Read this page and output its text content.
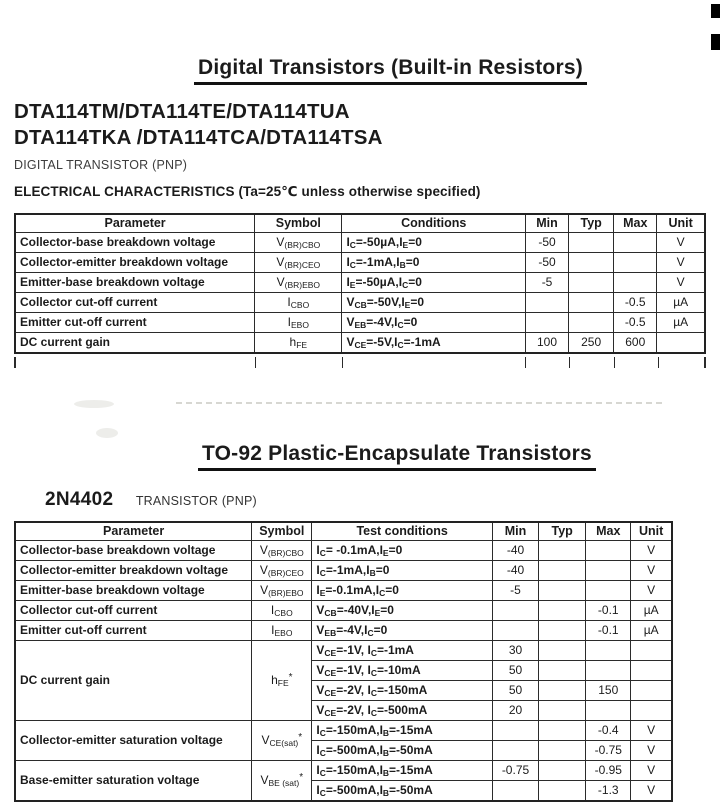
Digital Transistors (Built-in Resistors)
DTA114TM/DTA114TE/DTA114TUA
DTA114TKA /DTA114TCA/DTA114TSA
DIGITAL TRANSISTOR (PNP)
ELECTRICAL CHARACTERISTICS (Ta=25℃ unless otherwise specified)
Parameter	Symbol	Conditions	Min	Typ	Max	Unit
Collector-base breakdown voltage	$V_{(BR)CBO}$	$I_C=-50\mu A,I_E=0$	-50			V
Collector-emitter breakdown voltage	$V_{(BR)CEO}$	$I_C=-1mA,I_B=0$	-50			V
Emitter-base breakdown voltage	$V_{(BR)EBO}$	$I_E=-50\mu A,I_C=0$	-5			V
Collector cut-off current	$I_{CBO}$	$V_{CB}=-50V,I_E=0$			-0.5	µA
Emitter cut-off current	$I_{EBO}$	$V_{EB}=-4V,I_C=0$			-0.5	µA
DC current gain	$h_{FE}$	$V_{CE}=-5V,I_C=-1mA$	100	250	600	
TO-92 Plastic-Encapsulate Transistors
2N4402 TRANSISTOR (PNP)
Parameter	Symbol	Test conditions	Min	Typ	Max	Unit
Collector-base breakdown voltage	$V_{(BR)CBO}$	$I_C= -0.1mA,I_E=0$	-40			V
Collector-emitter breakdown voltage	$V_{(BR)CEO}$	$I_C=-1mA,I_B=0$	-40			V
Emitter-base breakdown voltage	$V_{(BR)EBO}$	$I_E=-0.1mA,I_C=0$	-5			V
Collector cut-off current	$I_{CBO}$	$V_{CB}=-40V,I_E=0$			-0.1	µA
Emitter cut-off current	$I_{EBO}$	$V_{EB}=-4V,I_C=0$			-0.1	µA
DC current gain	$h_{FE}^*$	$V_{CE}=-1V$, $I_C=-1mA$	30			
		$V_{CE}=-1V$, $I_C=-10mA$	50			
		$V_{CE}=-2V$, $I_C=-150mA$	50		150	
		$V_{CE}=-2V$, $I_C=-500mA$	20			
Collector-emitter saturation voltage	$V_{CE(sat)}^*$	$I_C=-150mA,I_B=-15mA$			-0.4	V
		$I_C=-500mA,I_B=-50mA$			-0.75	V
Base-emitter saturation voltage	$V_{BE (sat)}^*$	$I_C=-150mA,I_B=-15mA$	-0.75		-0.95	V
		$I_C=-500mA,I_B=-50mA$			-1.3	V
